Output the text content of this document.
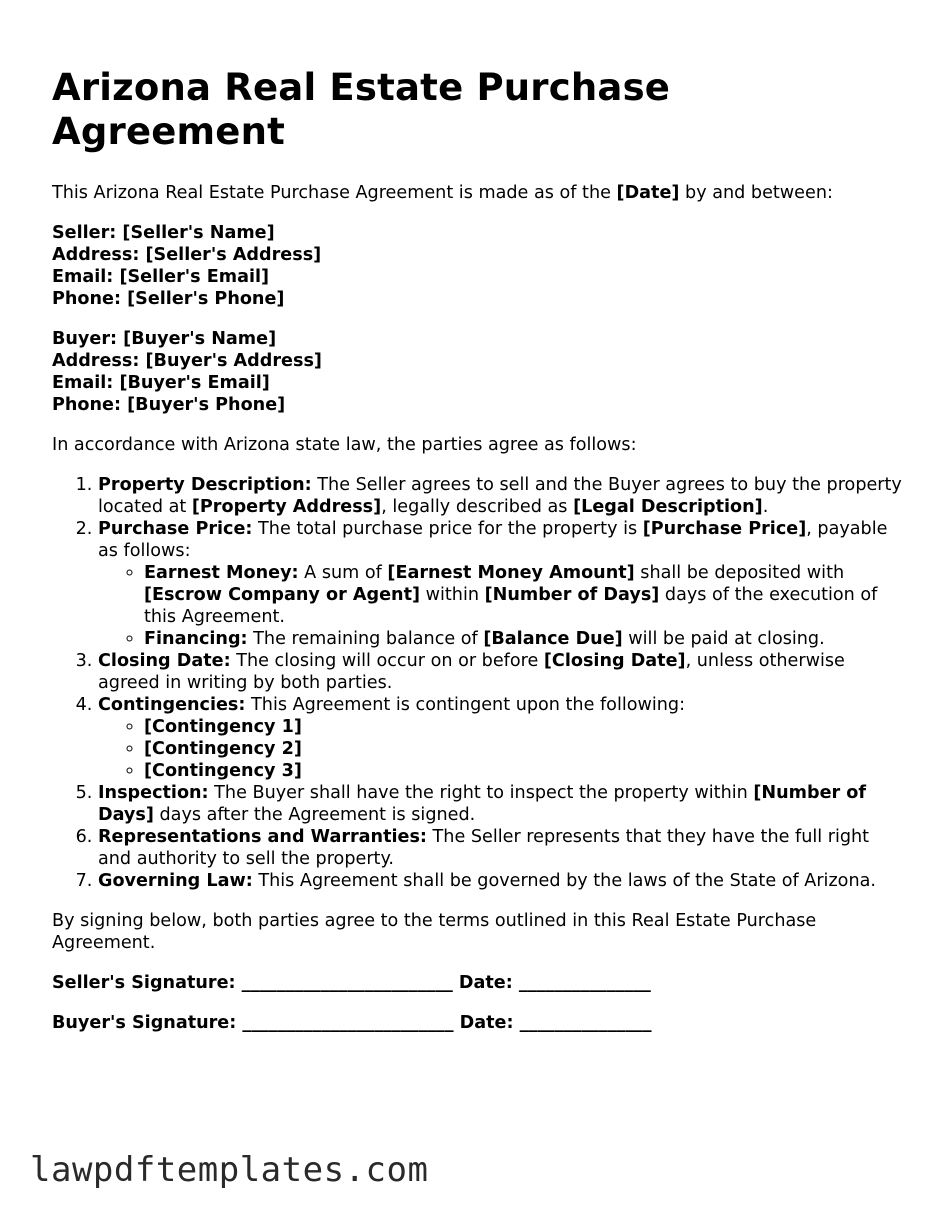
Arizona Real Estate Purchase Agreement

This Arizona Real Estate Purchase Agreement is made as of the [Date] by and between:

Seller: [Seller's Name]
Address: [Seller's Address]
Email: [Seller's Email]
Phone: [Seller's Phone]
Buyer: [Buyer's Name]
Address: [Buyer's Address]
Email: [Buyer's Email]
Phone: [Buyer's Phone]

In accordance with Arizona state law, the parties agree as follows:

1. Property Description: The Seller agrees to sell and the Buyer agrees to buy the property located at [Property Address], legally described as [Legal Description].
2. Purchase Price: The total purchase price for the property is [Purchase Price], payable as follows:
◦ Earnest Money: A sum of [Earnest Money Amount] shall be deposited with [Escrow Company or Agent] within [Number of Days] days of the execution of this Agreement.
◦ Financing: The remaining balance of [Balance Due] will be paid at closing.
3. Closing Date: The closing will occur on or before [Closing Date], unless otherwise agreed in writing by both parties.
4. Contingencies: This Agreement is contingent upon the following:
◦ [Contingency 1]
◦ [Contingency 2]
◦ [Contingency 3]
5. Inspection: The Buyer shall have the right to inspect the property within [Number of Days] days after the Agreement is signed.
6. Representations and Warranties: The Seller represents that they have the full right and authority to sell the property.
7. Governing Law: This Agreement shall be governed by the laws of the State of Arizona.

By signing below, both parties agree to the terms outlined in this Real Estate Purchase Agreement.

Seller's Signature: ________________________ Date: _______________

Buyer's Signature: ________________________ Date: _______________

lawpdftemplates.com
